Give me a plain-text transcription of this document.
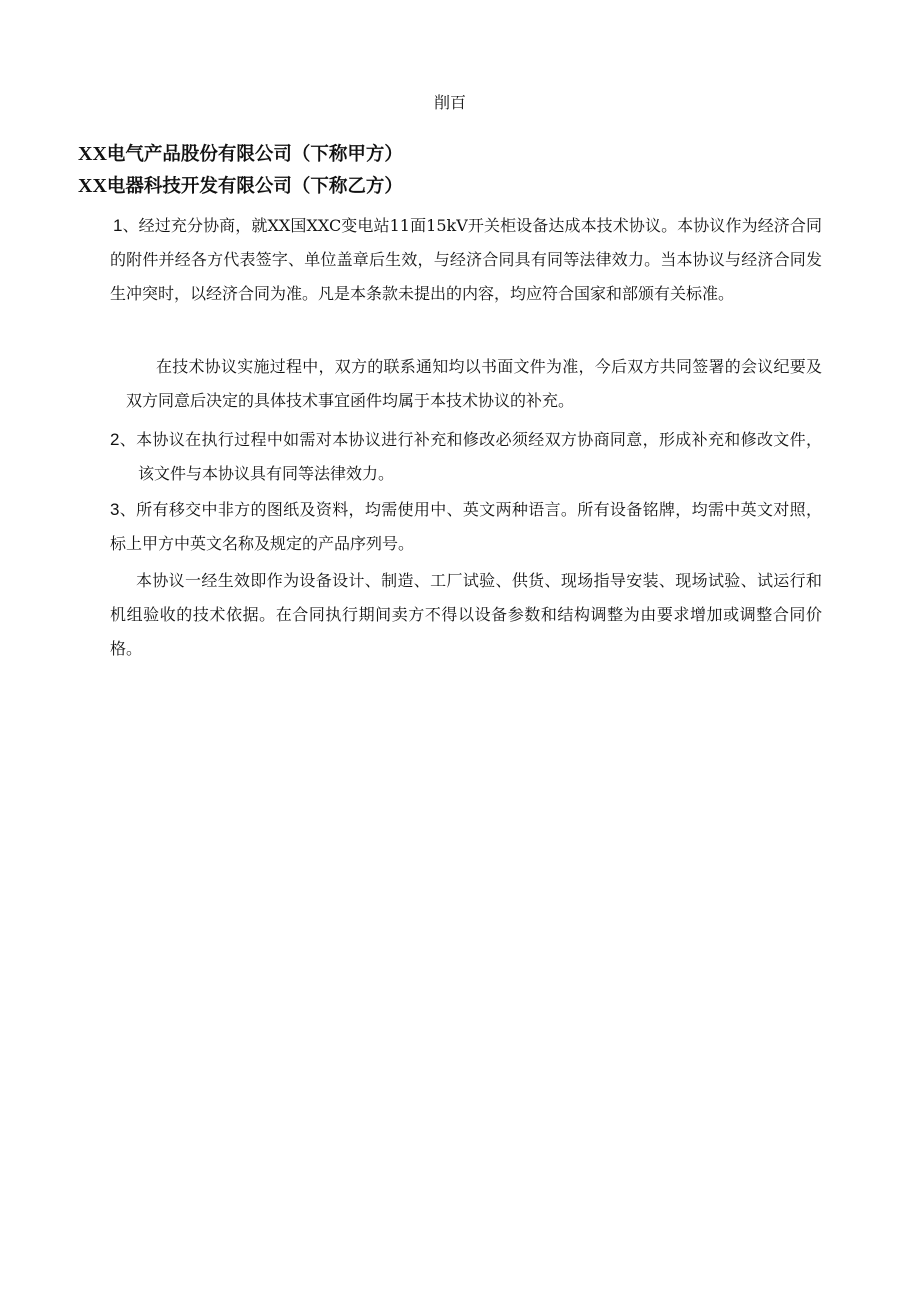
削百
XX电气产品股份有限公司（下称甲方）
XX电器科技开发有限公司（下称乙方）

1、经过充分协商，就XX国XXC变电站11面15kV开关柜设备达成本技术协议。本协议作为经济合同的附件并经各方代表签字、单位盖章后生效，与经济合同具有同等法律效力。当本协议与经济合同发生冲突时，以经济合同为准。凡是本条款未提出的内容，均应符合国家和部颁有关标准。

在技术协议实施过程中，双方的联系通知均以书面文件为准，今后双方共同签署的会议纪要及双方同意后决定的具体技术事宜函件均属于本技术协议的补充。

2、本协议在执行过程中如需对本协议进行补充和修改必须经双方协商同意，形成补充和修改文件，该文件与本协议具有同等法律效力。

3、所有移交中非方的图纸及资料，均需使用中、英文两种语言。所有设备铭牌，均需中英文对照，标上甲方中英文名称及规定的产品序列号。

本协议一经生效即作为设备设计、制造、工厂试验、供货、现场指导安装、现场试验、试运行和机组验收的技术依据。在合同执行期间卖方不得以设备参数和结构调整为由要求增加或调整合同价格。
